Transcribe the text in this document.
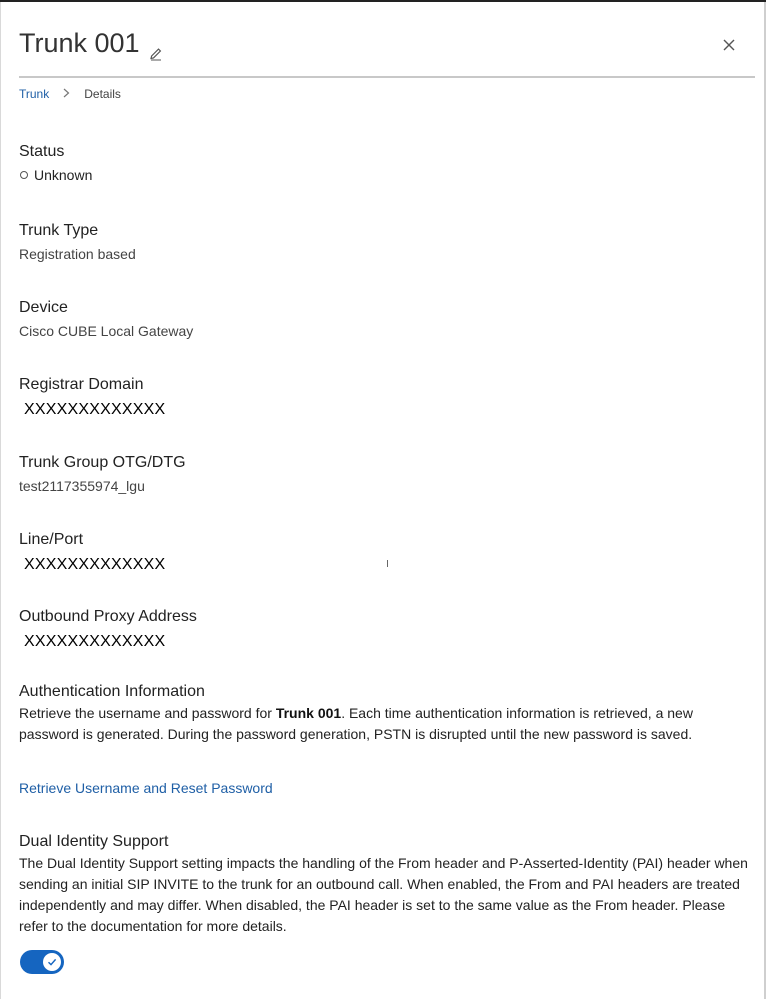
Trunk 001
Trunk	Details
Status
Unknown
Trunk Type
Registration based
Device
Cisco CUBE Local Gateway
Registrar Domain
XXXXXXXXXXXXX
Trunk Group OTG/DTG
test2117355974_lgu
Line/Port
XXXXXXXXXXXXX
Outbound Proxy Address
XXXXXXXXXXXXX
Authentication Information
Retrieve the username and password for Trunk 001. Each time authentication information is retrieved, a new password is generated. During the password generation, PSTN is disrupted until the new password is saved.
Retrieve Username and Reset Password
Dual Identity Support
The Dual Identity Support setting impacts the handling of the From header and P-Asserted-Identity (PAI) header when sending an initial SIP INVITE to the trunk for an outbound call. When enabled, the From and PAI headers are treated independently and may differ. When disabled, the PAI header is set to the same value as the From header. Please refer to the documentation for more details.
